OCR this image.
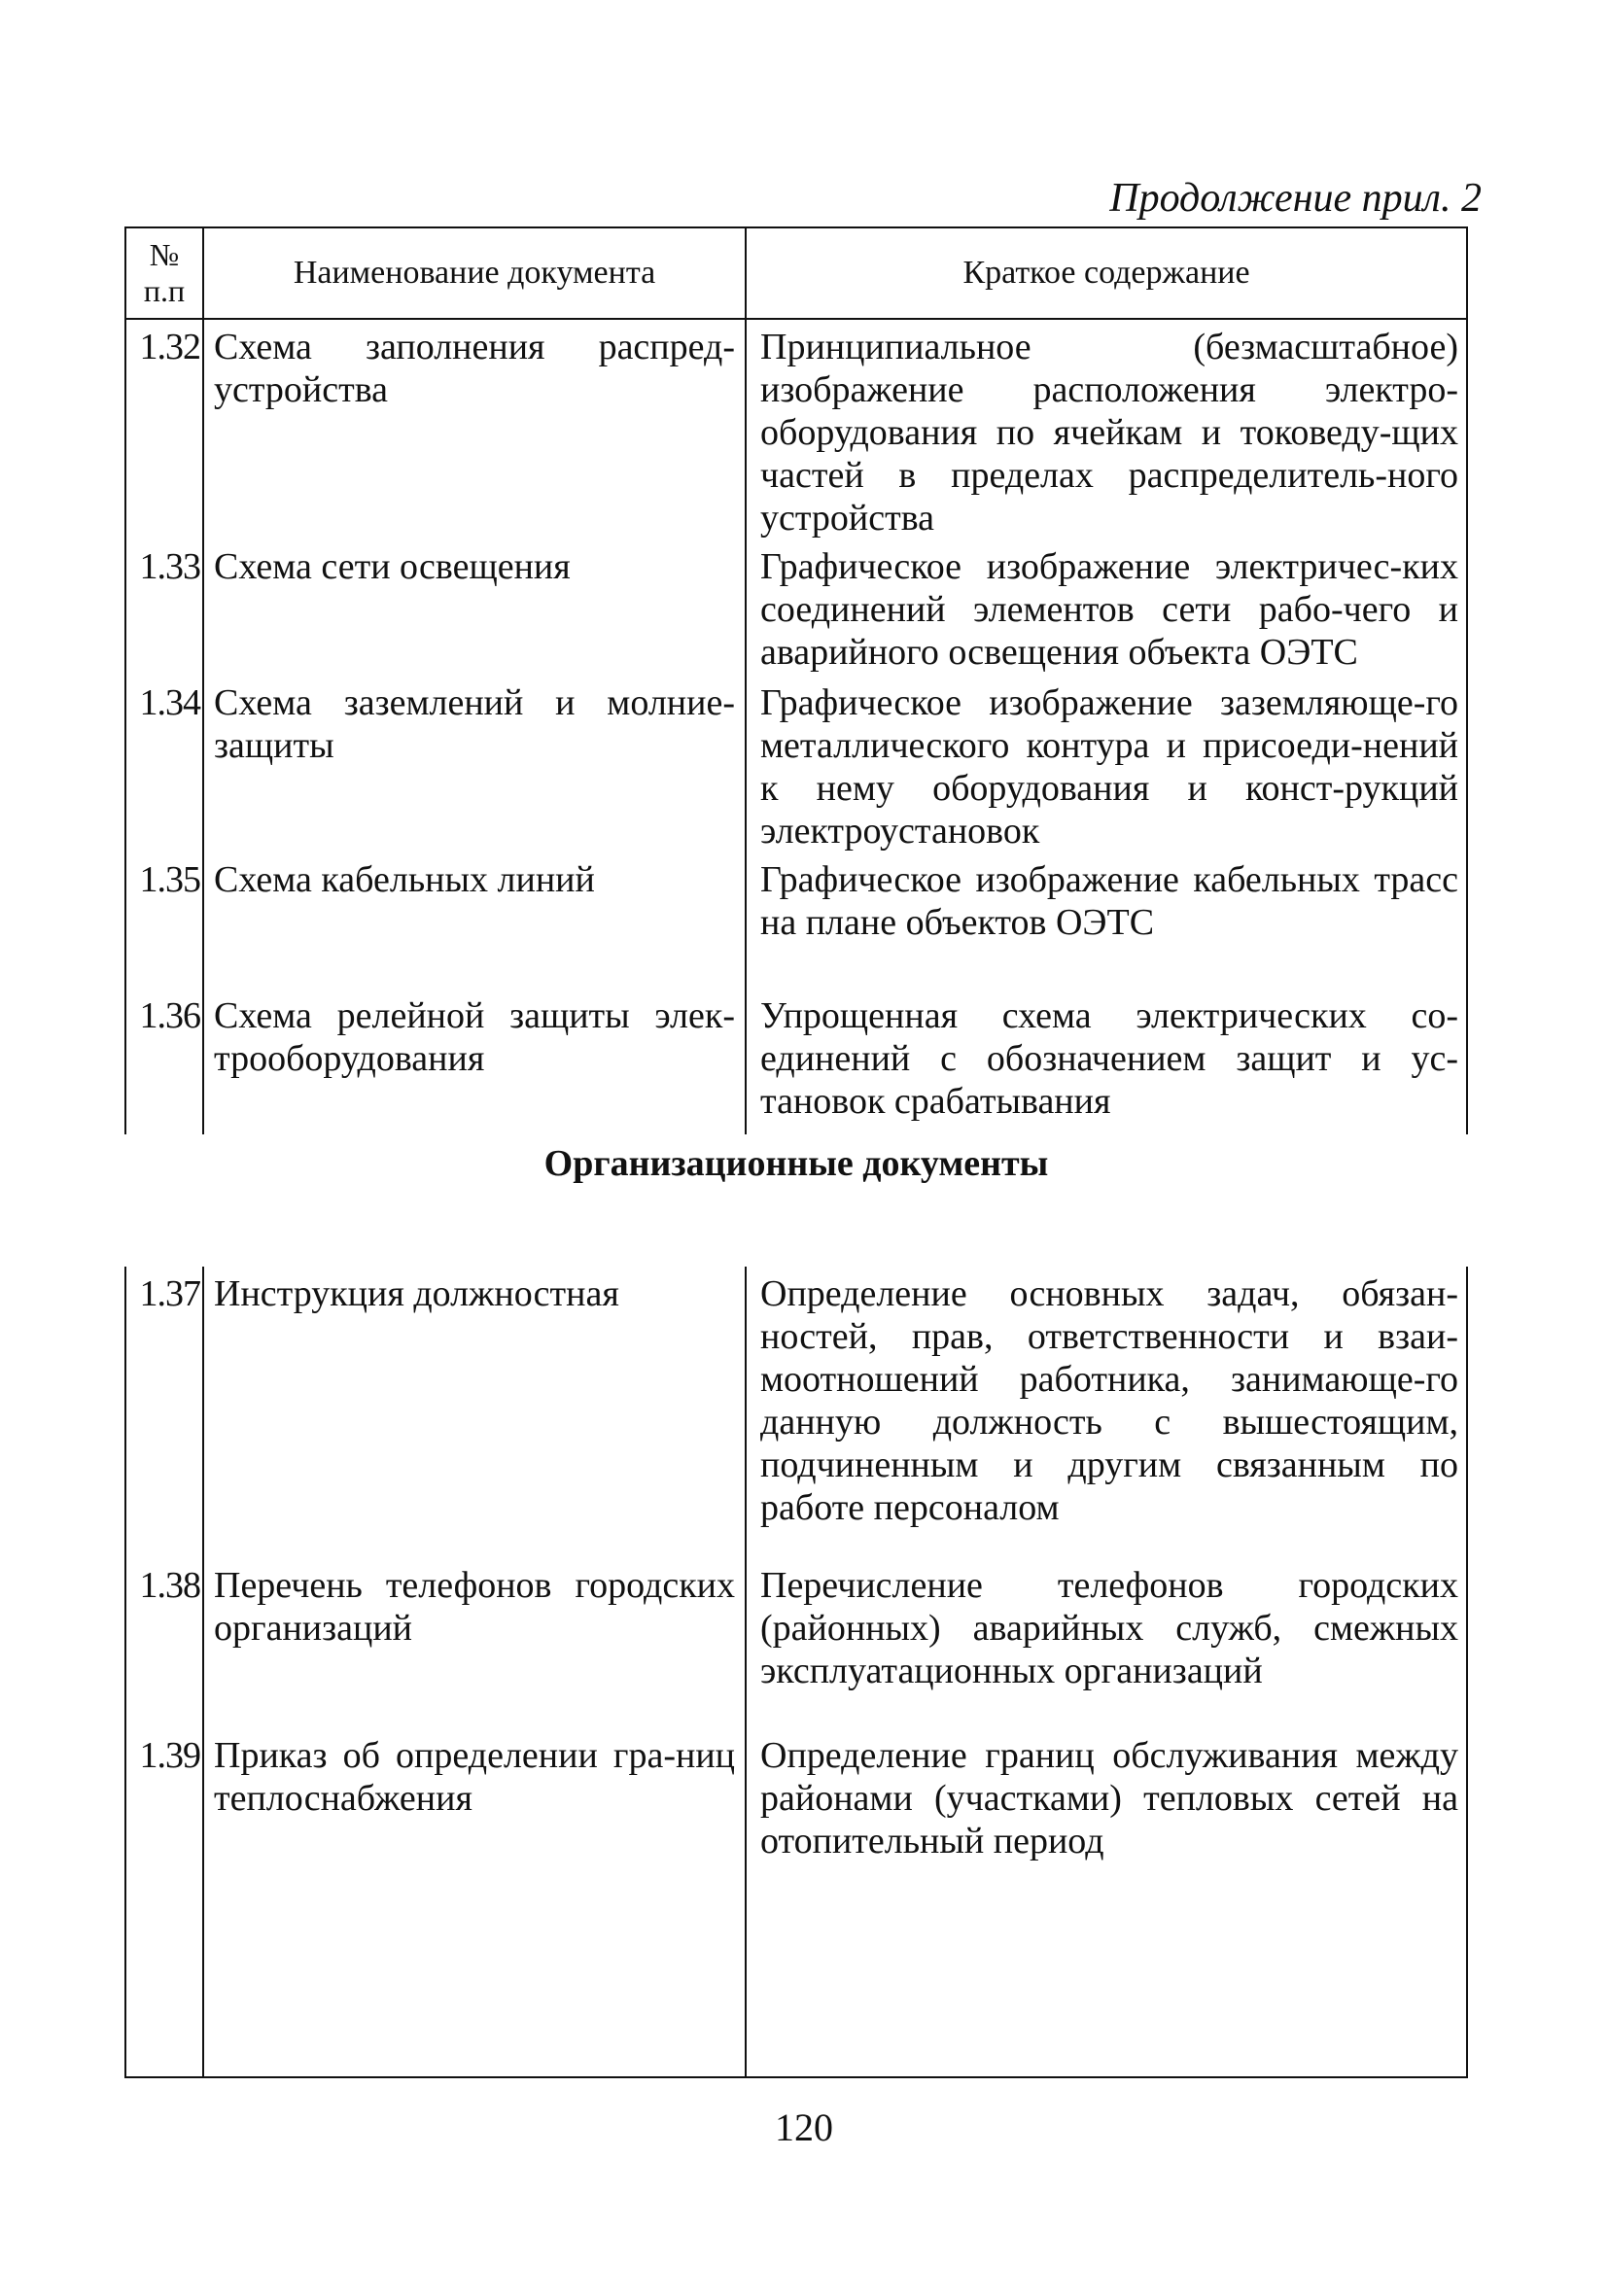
Продолжение прил. 2
№ п.п	Наименование документа	Краткое содержание
1.32	Схема заполнения распред-устройства	Принципиальное (безмасштабное) изображение расположения электро-оборудования по ячейкам и токоведу-щих частей в пределах распределитель-ного устройства
1.33	Схема сети освещения	Графическое изображение электричес-ких соединений элементов сети рабо-чего и аварийного освещения объекта ОЭТС
1.34	Схема заземлений и молние-защиты	Графическое изображение заземляюще-го металлического контура и присоеди-нений к нему оборудования и конст-рукций электроустановок
1.35	Схема кабельных линий	Графическое изображение кабельных трасс на плане объектов ОЭТС
1.36	Схема релейной защиты элек-трооборудования	Упрощенная схема электрических со-единений с обозначением защит и ус-тановок срабатывания
Организационные документы		
1.37	Инструкция должностная	Определение основных задач, обязан-ностей, прав, ответственности и взаи-моотношений работника, занимающе-го данную должность с вышестоящим, подчиненным и другим связанным по работе персоналом
1.38	Перечень телефонов городских организаций	Перечисление телефонов городских (районных) аварийных служб, смежных эксплуатационных организаций
1.39	Приказ об определении гра-ниц теплоснабжения	Определение границ обслуживания между районами (участками) тепловых сетей на отопительный период
120
